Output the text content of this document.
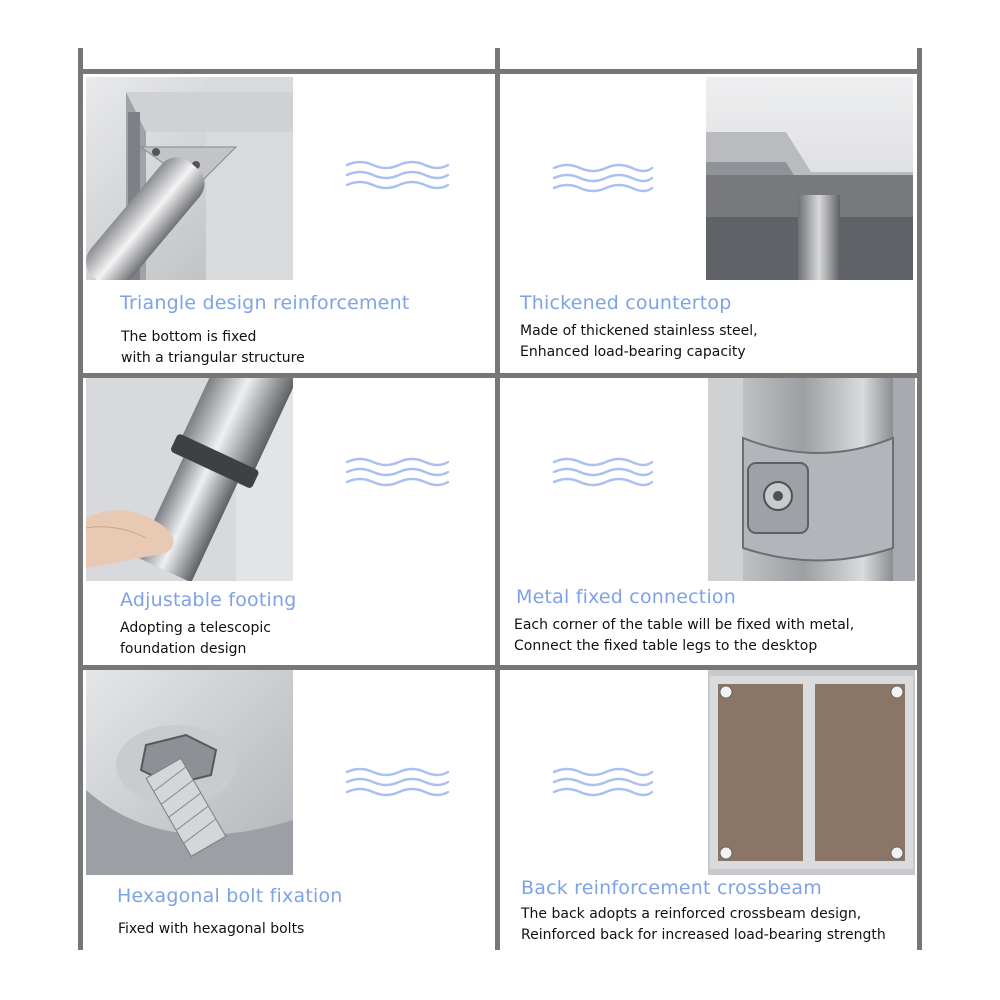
Triangle design reinforcement
The bottom is fixed
with a triangular structure
Thickened countertop
Made of thickened stainless steel,
Enhanced load-bearing capacity
Adjustable footing
Adopting a telescopic
foundation design
Metal fixed connection
Each corner of the table will be fixed with metal,
Connect the fixed table legs to the desktop
Hexagonal bolt fixation
Fixed with hexagonal bolts
Back reinforcement crossbeam
The back adopts a reinforced crossbeam design,
Reinforced back for increased load-bearing strength
